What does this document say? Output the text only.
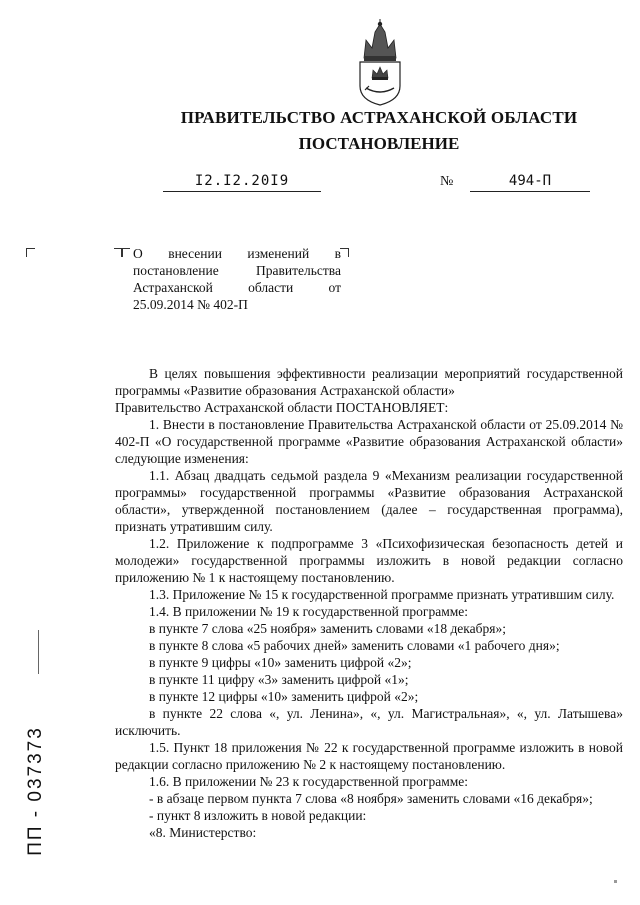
ПРАВИТЕЛЬСТВО АСТРАХАНСКОЙ ОБЛАСТИ
ПОСТАНОВЛЕНИЕ
I2.I2.20I9	№	494-П
О внесении изменений в постановление Правительства Астраханской области от 25.09.2014 № 402-П

В целях повышения эффективности реализации мероприятий государственной программы «Развитие образования Астраханской области»

Правительство Астраханской области ПОСТАНОВЛЯЕТ:

1. Внести в постановление Правительства Астраханской области от 25.09.2014 № 402-П «О государственной программе «Развитие образования Астраханской области» следующие изменения:

1.1. Абзац двадцать седьмой раздела 9 «Механизм реализации государственной программы» государственной программы «Развитие образования Астраханской области», утвержденной постановлением (далее – государственная программа), признать утратившим силу.

1.2. Приложение к подпрограмме 3 «Психофизическая безопасность детей и молодежи» государственной программы изложить в новой редакции согласно приложению № 1 к настоящему постановлению.

1.3. Приложение № 15 к государственной программе признать утратившим силу.

1.4. В приложении № 19 к государственной программе:

в пункте 7 слова «25 ноября» заменить словами «18 декабря»;

в пункте 8 слова «5 рабочих дней» заменить словами «1 рабочего дня»;

в пункте 9 цифры «10» заменить цифрой «2»;

в пункте 11 цифру «3» заменить цифрой «1»;

в пункте 12 цифры «10» заменить цифрой «2»;

в пункте 22 слова «, ул. Ленина», «, ул. Магистральная», «, ул. Латышева» исключить.

1.5. Пункт 18 приложения № 22 к государственной программе изложить в новой редакции согласно приложению № 2 к настоящему постановлению.

1.6. В приложении № 23 к государственной программе:

- в абзаце первом пункта 7 слова «8 ноября» заменить словами «16 декабря»;

- пункт 8 изложить в новой редакции:

«8. Министерство:

ПП - 037373
